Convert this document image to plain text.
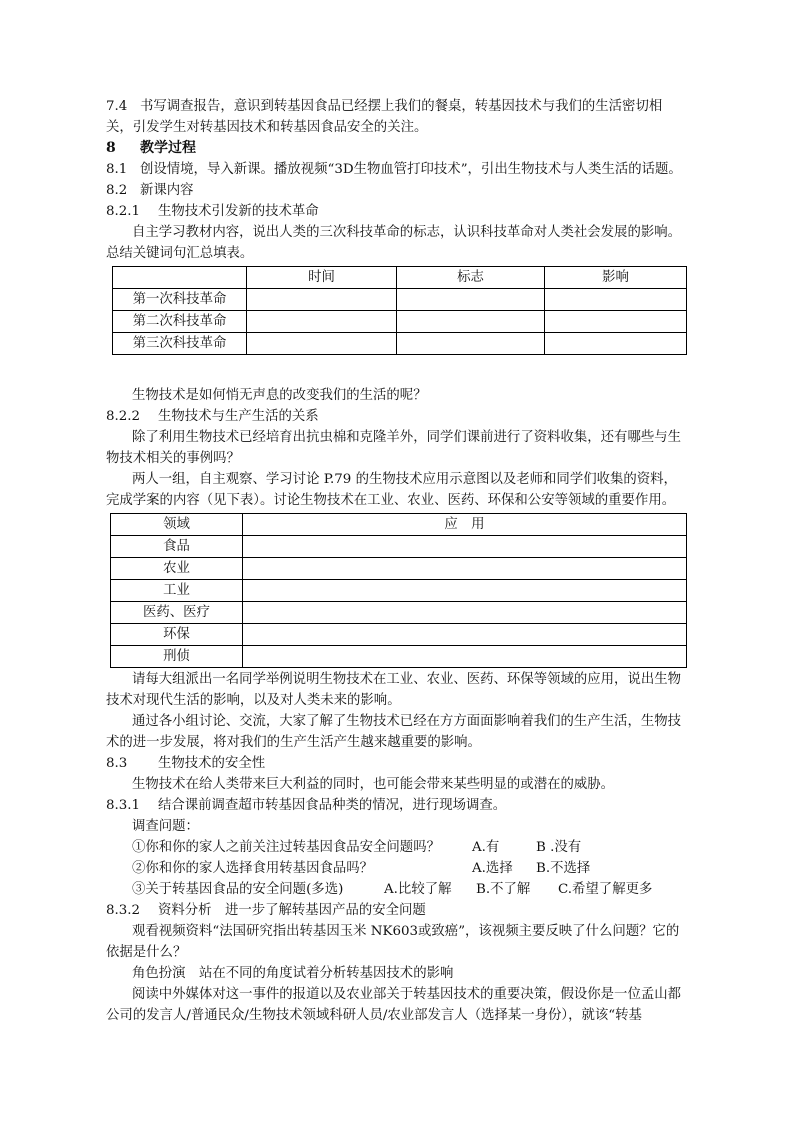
7.4 书写调查报告，意识到转基因食品已经摆上我们的餐桌，转基因技术与我们的生活密切相关，引发学生对转基因技术和转基因食品安全的关注。

8 教学过程

8.1 创设情境，导入新课。播放视频“3D生物血管打印技术”，引出生物技术与人类生活的话题。

8.2 新课内容

8.2.1 生物技术引发新的技术革命

自主学习教材内容，说出人类的三次科技革命的标志，认识科技革命对人类社会发展的影响。总结关键词句汇总填表。

	时间	标志	影响
第一次科技革命			
第二次科技革命			
第三次科技革命			

生物技术是如何悄无声息的改变我们的生活的呢？

8.2.2 生物技术与生产生活的关系

除了利用生物技术已经培育出抗虫棉和克隆羊外，同学们课前进行了资料收集，还有哪些与生物技术相关的事例吗？

两人一组，自主观察、学习讨论 P.79 的生物技术应用示意图以及老师和同学们收集的资料，完成学案的内容（见下表）。讨论生物技术在工业、农业、医药、环保和公安等领域的重要作用。

领域	应　用
食品	
农业	
工业	
医药、医疗	
环保	
刑侦	

请每大组派出一名同学举例说明生物技术在工业、农业、医药、环保等领域的应用，说出生物技术对现代生活的影响，以及对人类未来的影响。

通过各小组讨论、交流，大家了解了生物技术已经在方方面面影响着我们的生产生活，生物技术的进一步发展，将对我们的生产生活产生越来越重要的影响。

8.3 生物技术的安全性

生物技术在给人类带来巨大利益的同时，也可能会带来某些明显的或潜在的威胁。

8.3.1 结合课前调查超市转基因食品种类的情况，进行现场调查。

调查问题：

①你和你的家人之前关注过转基因食品安全问题吗？ A.有	B .没有

②你和你的家人选择食用转基因食品吗？	A.选择 B.不选择

③关于转基因食品的安全问题(多选)	A.比较了解 B.不了解 C.希望了解更多

8.3.2 资料分析　进一步了解转基因产品的安全问题

观看视频资料“法国研究指出转基因玉米 NK603或致癌”，该视频主要反映了什么问题？它的依据是什么？

角色扮演　站在不同的角度试着分析转基因技术的影响

阅读中外媒体对这一事件的报道以及农业部关于转基因技术的重要决策，假设你是一位孟山都公司的发言人/普通民众/生物技术领域科研人员/农业部发言人（选择某一身份），就该“转基
